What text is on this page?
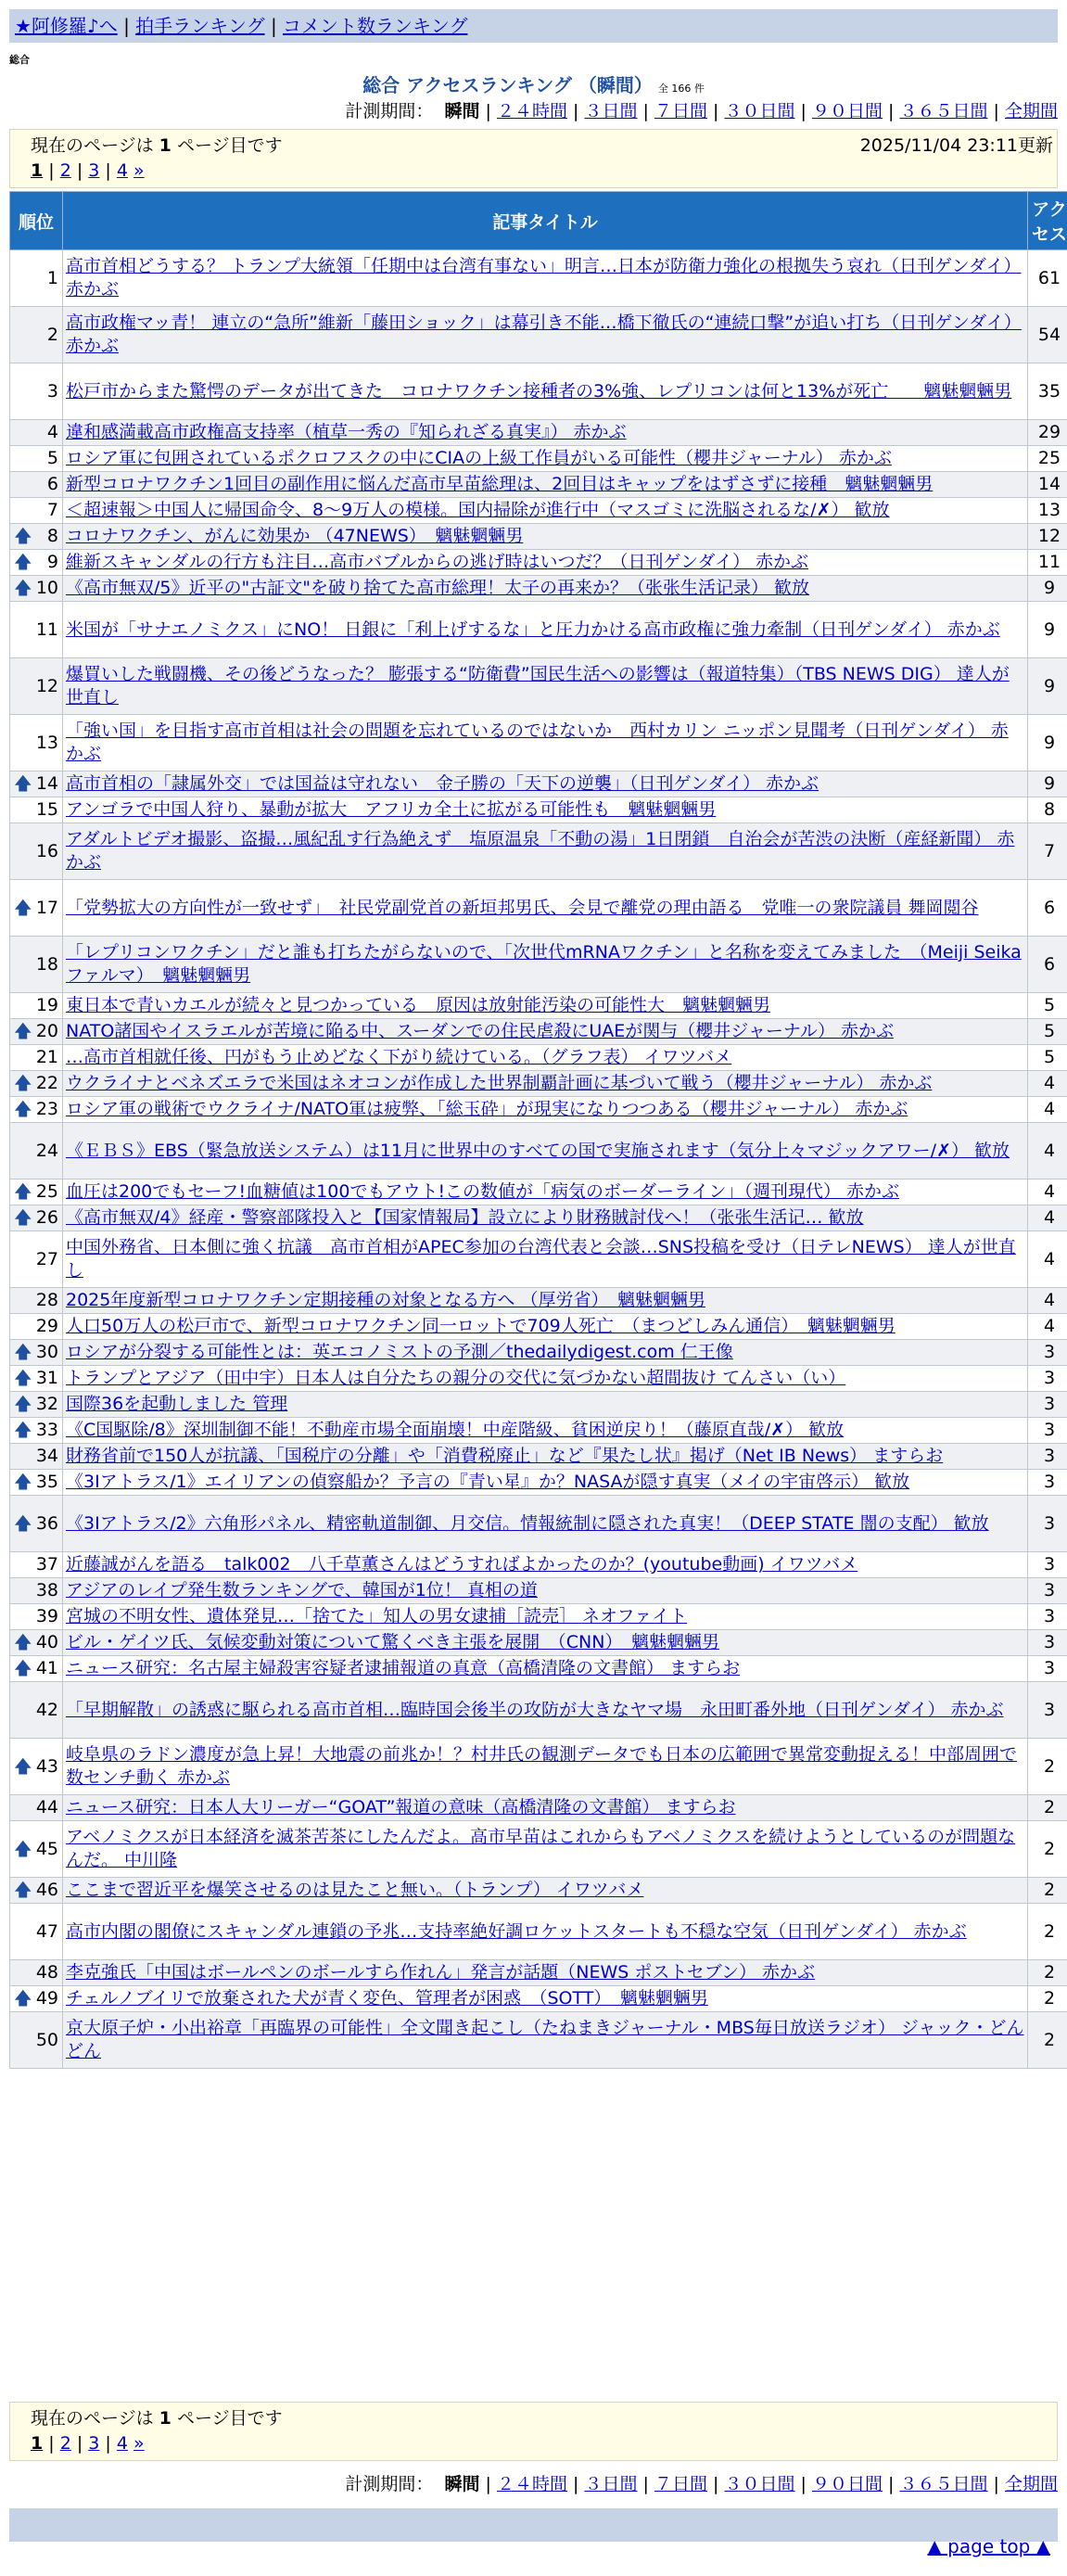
★阿修羅♪へ | 拍手ランキング | コメント数ランキング
総合
総合 アクセスランキング （瞬間） 全 166 件
計測期間： 瞬間 | ２４時間 | ３日間 | ７日間 | ３０日間 | ９０日間 | ３６５日間 | 全期間
現在のページは 1 ページ目です	2025/11/04 23:11更新
1 | 2 | 3 | 4 »
順位	記事タイトル	アクセス
1	高市首相どうする？ トランプ大統領「任期中は台湾有事ない」明言…日本が防衛力強化の根拠失う哀れ（日刊ゲンダイ） 赤かぶ	61
2	高市政権マッ青！ 連立の“急所”維新「藤田ショック」は幕引き不能…橋下徹氏の“連続口撃”が追い打ち（日刊ゲンダイ） 赤かぶ	54
3	松戸市からまた驚愕のデータが出てきた　コロナワクチン接種者の3%強、レプリコンは何と13%が死亡　　魑魅魍魎男	35
4	違和感満載高市政権高支持率（植草一秀の『知られざる真実』） 赤かぶ	29
5	ロシア軍に包囲されているポクロフスクの中にCIAの上級工作員がいる可能性（櫻井ジャーナル） 赤かぶ	25
6	新型コロナワクチン1回目の副作用に悩んだ高市早苗総理は、2回目はキャップをはずさずに接種　魑魅魍魎男	14
7	＜超速報＞中国人に帰国命令、8～9万人の模様。国内掃除が進行中（マスゴミに洗脳されるな/✗） 歓放	13

🡅 8	コロナワクチン、がんに効果か （47NEWS）　魑魅魍魎男	12

🡅 9	維新スキャンダルの行方も注目…高市バブルからの逃げ時はいつだ？（日刊ゲンダイ） 赤かぶ	11

🡅 10	《高市無双/5》近平の"古証文"を破り捨てた高市総理！太子の再来か？（张张生活记录） 歓放	9
11	米国が「サナエノミクス」にNO！ 日銀に「利上げするな」と圧力かける高市政権に強力牽制（日刊ゲンダイ） 赤かぶ	9
12	爆買いした戦闘機、その後どうなった？ 膨張する“防衛費”国民生活への影響は（報道特集）（TBS NEWS DIG） 達人が世直し	9
13	「強い国」を目指す高市首相は社会の問題を忘れているのではないか　西村カリン ニッポン見聞考（日刊ゲンダイ） 赤かぶ	9

🡅 14	高市首相の「隷属外交」では国益は守れない　金子勝の「天下の逆襲」（日刊ゲンダイ） 赤かぶ	9
15	アンゴラで中国人狩り、暴動が拡大　アフリカ全土に拡がる可能性も　魑魅魍魎男	8
16	アダルトビデオ撮影、盗撮…風紀乱す行為絶えず　塩原温泉「不動の湯」1日閉鎖　自治会が苦渋の決断（産経新聞） 赤かぶ	7

🡅 17	「党勢拡大の方向性が一致せず」　社民党副党首の新垣邦男氏、会見で離党の理由語る　党唯一の衆院議員 舞岡閲谷	6
18	「レプリコンワクチン」だと誰も打ちたがらないので、「次世代mRNAワクチン」と名称を変えてみました　（Meiji Seika ファルマ）　魑魅魍魎男	6
19	東日本で青いカエルが続々と見つかっている　原因は放射能汚染の可能性大　魑魅魍魎男	5

🡅 20	NATO諸国やイスラエルが苦境に陥る中、スーダンでの住民虐殺にUAEが関与（櫻井ジャーナル） 赤かぶ	5
21	…高市首相就任後、円がもう止めどなく下がり続けている。（グラフ表） イワツバメ	5

🡅 22	ウクライナとベネズエラで米国はネオコンが作成した世界制覇計画に基づいて戦う（櫻井ジャーナル） 赤かぶ	4

🡅 23	ロシア軍の戦術でウクライナ/NATO軍は疲弊、「総玉砕」が現実になりつつある（櫻井ジャーナル） 赤かぶ	4
24	《ＥＢＳ》EBS（緊急放送システム）は11月に世界中のすべての国で実施されます（気分上々マジックアワー/✗） 歓放	4

🡅 25	血圧は200でもセーフ!血糖値は100でもアウト!この数値が「病気のボーダーライン」（週刊現代） 赤かぶ	4

🡅 26	《高市無双/4》経産・警察部隊投入と【国家情報局】設立により財務賊討伐へ！（张张生活记… 歓放	4
27	中国外務省、日本側に強く抗議　高市首相がAPEC参加の台湾代表と会談…SNS投稿を受け（日テレNEWS） 達人が世直し	4
28	2025年度新型コロナワクチン定期接種の対象となる方へ （厚労省）　魑魅魍魎男	4
29	人口50万人の松戸市で、新型コロナワクチン同一ロットで709人死亡　（まつどしみん通信）　魑魅魍魎男	4

🡅 30	ロシアが分裂する可能性とは：英エコノミストの予測／thedailydigest.com 仁王像	3

🡅 31	トランプとアジア（田中宇）日本人は自分たちの親分の交代に気づかない超間抜け てんさい（い）	3

🡅 32	国際36を起動しました 管理	3

🡅 33	《C国駆除/8》深圳制御不能！不動産市場全面崩壊！中産階級、貧困逆戻り！（藤原直哉/✗） 歓放	3
34	財務省前で150人が抗議、「国税庁の分離」や「消費税廃止」など『果たし状』掲げ（Net IB News） ますらお	3

🡅 35	《3Iアトラス/1》エイリアンの偵察船か？予言の『青い星』か？NASAが隠す真実（メイの宇宙啓示） 歓放	3

🡅 36	《3Iアトラス/2》六角形パネル、精密軌道制御、月交信。情報統制に隠された真実！（DEEP STATE 闇の支配） 歓放	3
37	近藤誠がんを語る　talk002　八千草薫さんはどうすればよかったのか？(youtube動画) イワツバメ	3
38	アジアのレイプ発生数ランキングで、韓国が1位！ 真相の道	3
39	宮城の不明女性、遺体発見…「捨てた」知人の男女逮捕［読売］ ネオファイト	3

🡅 40	ビル・ゲイツ氏、気候変動対策について驚くべき主張を展開　（CNN）　魑魅魍魎男	3

🡅 41	ニュース研究：名古屋主婦殺害容疑者逮捕報道の真意（高橋清隆の文書館） ますらお	3
42	「早期解散」の誘惑に駆られる高市首相…臨時国会後半の攻防が大きなヤマ場　永田町番外地（日刊ゲンダイ） 赤かぶ	3

🡅 43	岐阜県のラドン濃度が急上昇！大地震の前兆か！？村井氏の観測データでも日本の広範囲で異常変動捉える！中部周囲で数センチ動く 赤かぶ	2
44	ニュース研究：日本人大リーガー“GOAT”報道の意味（高橋清隆の文書館） ますらお	2

🡅 45	アベノミクスが日本経済を滅茶苦茶にしたんだよ。高市早苗はこれからもアベノミクスを続けようとしているのが問題なんだ。 中川隆	2

🡅 46	ここまで習近平を爆笑させるのは見たこと無い。（トランプ） イワツバメ	2
47	高市内閣の閣僚にスキャンダル連鎖の予兆…支持率絶好調ロケットスタートも不穏な空気（日刊ゲンダイ） 赤かぶ	2
48	李克強氏「中国はボールペンのボールすら作れん」発言が話題（NEWS ポストセブン） 赤かぶ	2

🡅 49	チェルノブイリで放棄された犬が青く変色、管理者が困惑　（SOTT）　魑魅魍魎男	2
50	京大原子炉・小出裕章「再臨界の可能性」全文聞き起こし（たねまきジャーナル・MBS毎日放送ラジオ） ジャック・どんどん	2
現在のページは 1 ページ目です
1 | 2 | 3 | 4 »
計測期間： 瞬間 | ２４時間 | ３日間 | ７日間 | ３０日間 | ９０日間 | ３６５日間 | 全期間
▲ page top ▲
